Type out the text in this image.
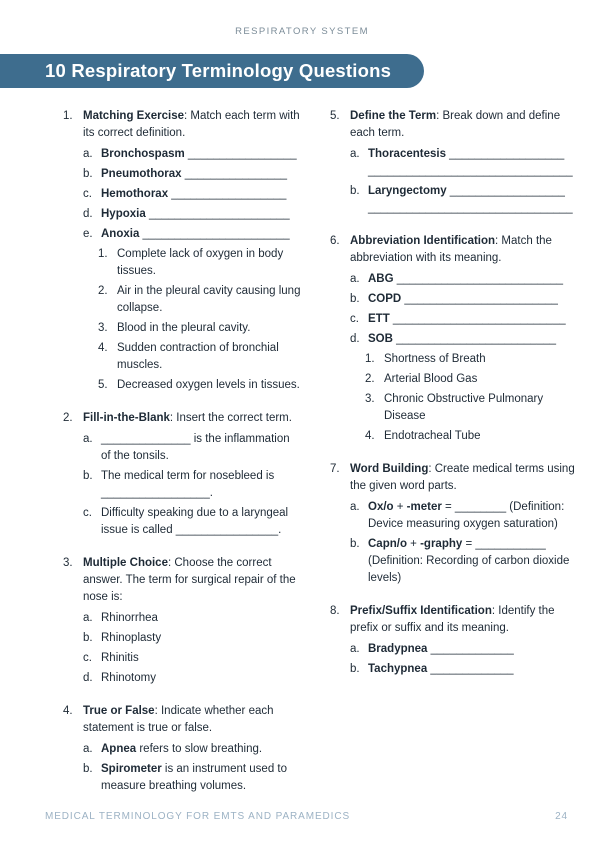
RESPIRATORY SYSTEM
10 Respiratory Terminology Questions
1. Matching Exercise: Match each term with its correct definition.

a. Bronchospasm _________________
b. Pneumothorax ________________
c. Hemothorax __________________
d. Hypoxia ______________________
e. Anoxia _______________________
1. Complete lack of oxygen in body tissues.
2. Air in the pleural cavity causing lung collapse.
3. Blood in the pleural cavity.
4. Sudden contraction of bronchial muscles.
5. Decreased oxygen levels in tissues.
2. Fill-in-the-Blank: Insert the correct term.

a. ______________ is the inflammation of the tonsils.
b. The medical term for nosebleed is _________________.
c. Difficulty speaking due to a laryngeal issue is called ________________.
3. Multiple Choice: Choose the correct answer. The term for surgical repair of the nose is:

a. Rhinorrhea
b. Rhinoplasty
c. Rhinitis
d. Rhinotomy
4. True or False: Indicate whether each statement is true or false.

a. Apnea refers to slow breathing.
b. Spirometer is an instrument used to measure breathing volumes.
5. Define the Term: Break down and define each term.

a. Thoracentesis __________________
________________________________
b. Laryngectomy __________________
________________________________
6. Abbreviation Identification: Match the abbreviation with its meaning.

a. ABG __________________________
b. COPD ________________________
c. ETT ___________________________
d. SOB _________________________
1. Shortness of Breath
2. Arterial Blood Gas
3. Chronic Obstructive Pulmonary Disease
4. Endotracheal Tube
7. Word Building: Create medical terms using the given word parts.

a. Ox/o + -meter = ________ (Definition: Device measuring oxygen saturation)
b. Capn/o + -graphy = ___________
(Definition: Recording of carbon dioxide levels)
8. Prefix/Suffix Identification: Identify the prefix or suffix and its meaning.

a. Bradypnea _____________
b. Tachypnea _____________
MEDICAL TERMINOLOGY FOR EMTS AND PARAMEDICS	24
